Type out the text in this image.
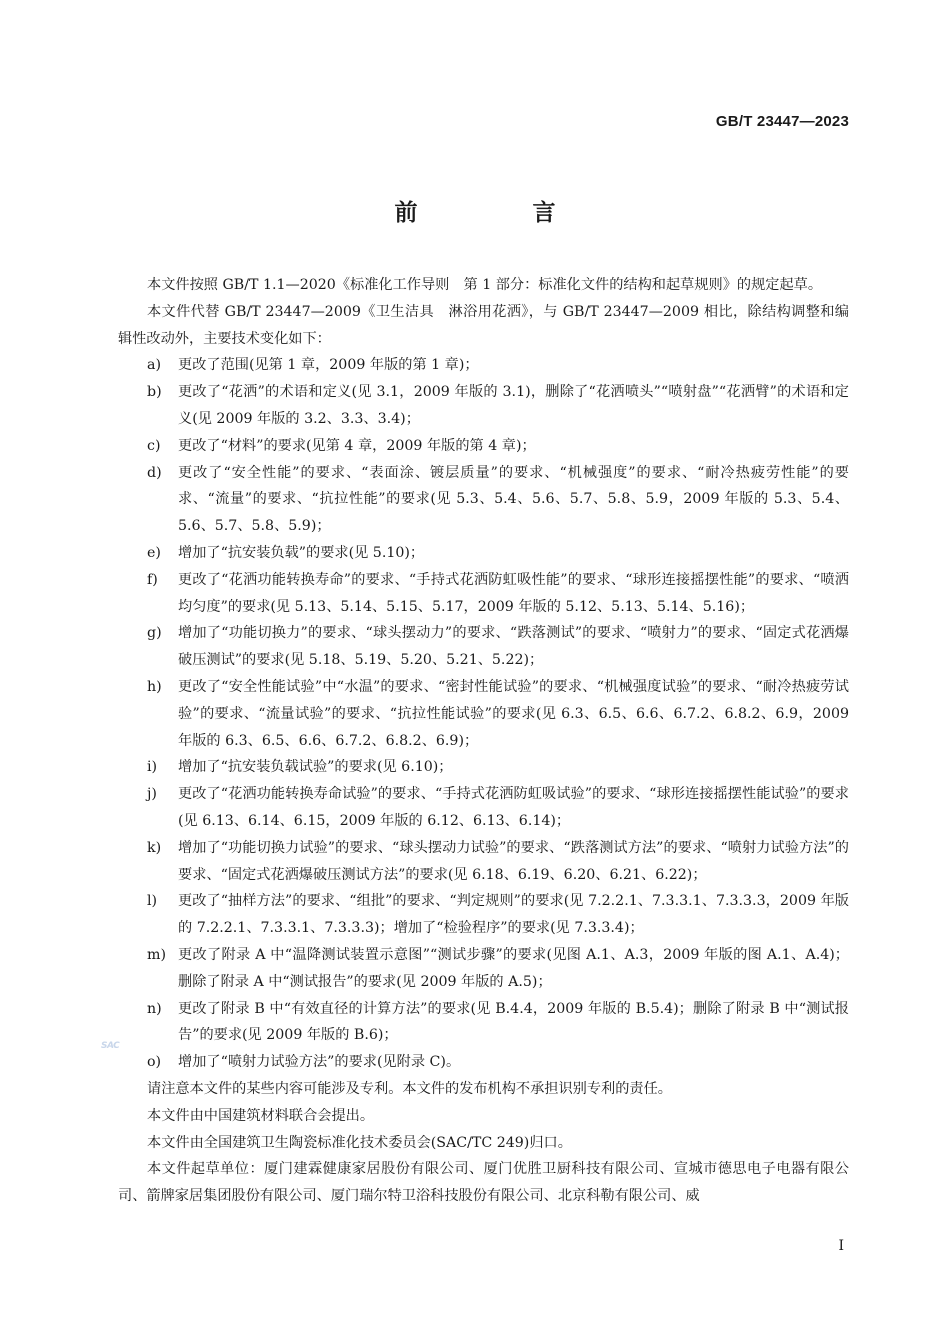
GB/T 23447—2023
前　言

本文件按照 GB/T 1.1—2020《标准化工作导则　第 1 部分：标准化文件的结构和起草规则》的规定起草。

本文件代替 GB/T 23447—2009《卫生洁具　淋浴用花洒》，与 GB/T 23447—2009 相比，除结构调整和编辑性改动外，主要技术变化如下：

a)	更改了范围(见第 1 章，2009 年版的第 1 章)；
b)	更改了“花洒”的术语和定义(见 3.1，2009 年版的 3.1)，删除了“花洒喷头”“喷射盘”“花洒臂”的术语和定义(见 2009 年版的 3.2、3.3、3.4)；
c)	更改了“材料”的要求(见第 4 章，2009 年版的第 4 章)；
d)	更改了“安全性能”的要求、“表面涂、镀层质量”的要求、“机械强度”的要求、“耐冷热疲劳性能”的要求、“流量”的要求、“抗拉性能”的要求(见 5.3、5.4、5.6、5.7、5.8、5.9，2009 年版的 5.3、5.4、5.6、5.7、5.8、5.9)；
e)	增加了“抗安装负载”的要求(见 5.10)；
f)	更改了“花洒功能转换寿命”的要求、“手持式花洒防虹吸性能”的要求、“球形连接摇摆性能”的要求、“喷洒均匀度”的要求(见 5.13、5.14、5.15、5.17，2009 年版的 5.12、5.13、5.14、5.16)；
g)	增加了“功能切换力”的要求、“球头摆动力”的要求、“跌落测试”的要求、“喷射力”的要求、“固定式花洒爆破压测试”的要求(见 5.18、5.19、5.20、5.21、5.22)；
h)	更改了“安全性能试验”中“水温”的要求、“密封性能试验”的要求、“机械强度试验”的要求、“耐冷热疲劳试验”的要求、“流量试验”的要求、“抗拉性能试验”的要求(见 6.3、6.5、6.6、6.7.2、6.8.2、6.9，2009 年版的 6.3、6.5、6.6、6.7.2、6.8.2、6.9)；
i)	增加了“抗安装负载试验”的要求(见 6.10)；
j)	更改了“花洒功能转换寿命试验”的要求、“手持式花洒防虹吸试验”的要求、“球形连接摇摆性能试验”的要求(见 6.13、6.14、6.15，2009 年版的 6.12、6.13、6.14)；
k)	增加了“功能切换力试验”的要求、“球头摆动力试验”的要求、“跌落测试方法”的要求、“喷射力试验方法”的要求、“固定式花洒爆破压测试方法”的要求(见 6.18、6.19、6.20、6.21、6.22)；
l)	更改了“抽样方法”的要求、“组批”的要求、“判定规则”的要求(见 7.2.2.1、7.3.3.1、7.3.3.3，2009 年版的 7.2.2.1、7.3.3.1、7.3.3.3)；增加了“检验程序”的要求(见 7.3.3.4)；
m) 更改了附录 A 中“温降测试装置示意图”“测试步骤”的要求(见图 A.1、A.3，2009 年版的图 A.1、A.4)；删除了附录 A 中“测试报告”的要求(见 2009 年版的 A.5)；
n)	更改了附录 B 中“有效直径的计算方法”的要求(见 B.4.4，2009 年版的 B.5.4)；删除了附录 B 中“测试报告”的要求(见 2009 年版的 B.6)；
o)	增加了“喷射力试验方法”的要求(见附录 C)。

请注意本文件的某些内容可能涉及专利。本文件的发布机构不承担识别专利的责任。

本文件由中国建筑材料联合会提出。

本文件由全国建筑卫生陶瓷标准化技术委员会(SAC/TC 249)归口。

本文件起草单位：厦门建霖健康家居股份有限公司、厦门优胜卫厨科技有限公司、宣城市德思电子电器有限公司、箭牌家居集团股份有限公司、厦门瑞尔特卫浴科技股份有限公司、北京科勒有限公司、威

SAC
Ⅰ
